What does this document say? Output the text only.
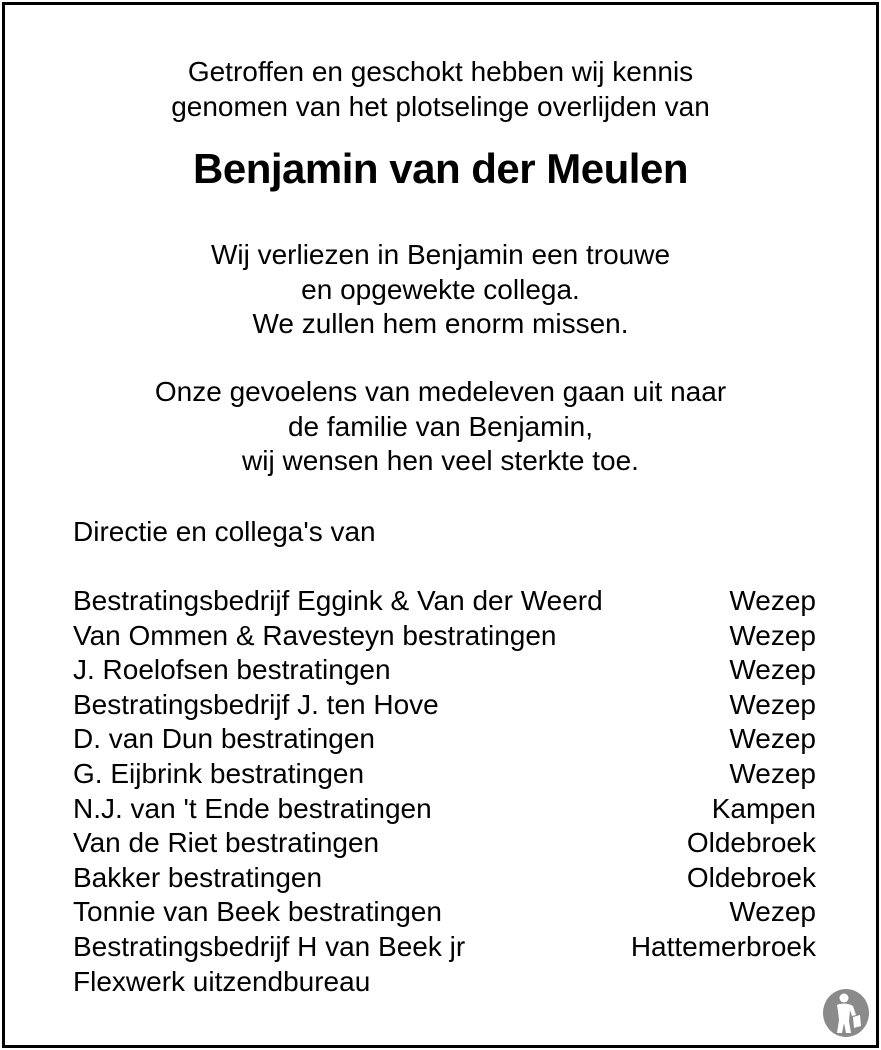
Getroffen en geschokt hebben wij kennis
genomen van het plotselinge overlijden van
Benjamin van der Meulen
Wij verliezen in Benjamin een trouwe
en opgewekte collega.
We zullen hem enorm missen.
Onze gevoelens van medeleven gaan uit naar
de familie van Benjamin,
wij wensen hen veel sterkte toe.
Directie en collega's van
Bestratingsbedrijf Eggink & Van der Weerd	Wezep
Van Ommen & Ravesteyn bestratingen	Wezep
J. Roelofsen bestratingen	Wezep
Bestratingsbedrijf J. ten Hove	Wezep
D. van Dun bestratingen	Wezep
G. Eijbrink bestratingen	Wezep
N.J. van 't Ende bestratingen	Kampen
Van de Riet bestratingen	Oldebroek
Bakker bestratingen	Oldebroek
Tonnie van Beek bestratingen	Wezep
Bestratingsbedrijf H van Beek jr	Hattemerbroek
Flexwerk uitzendbureau
